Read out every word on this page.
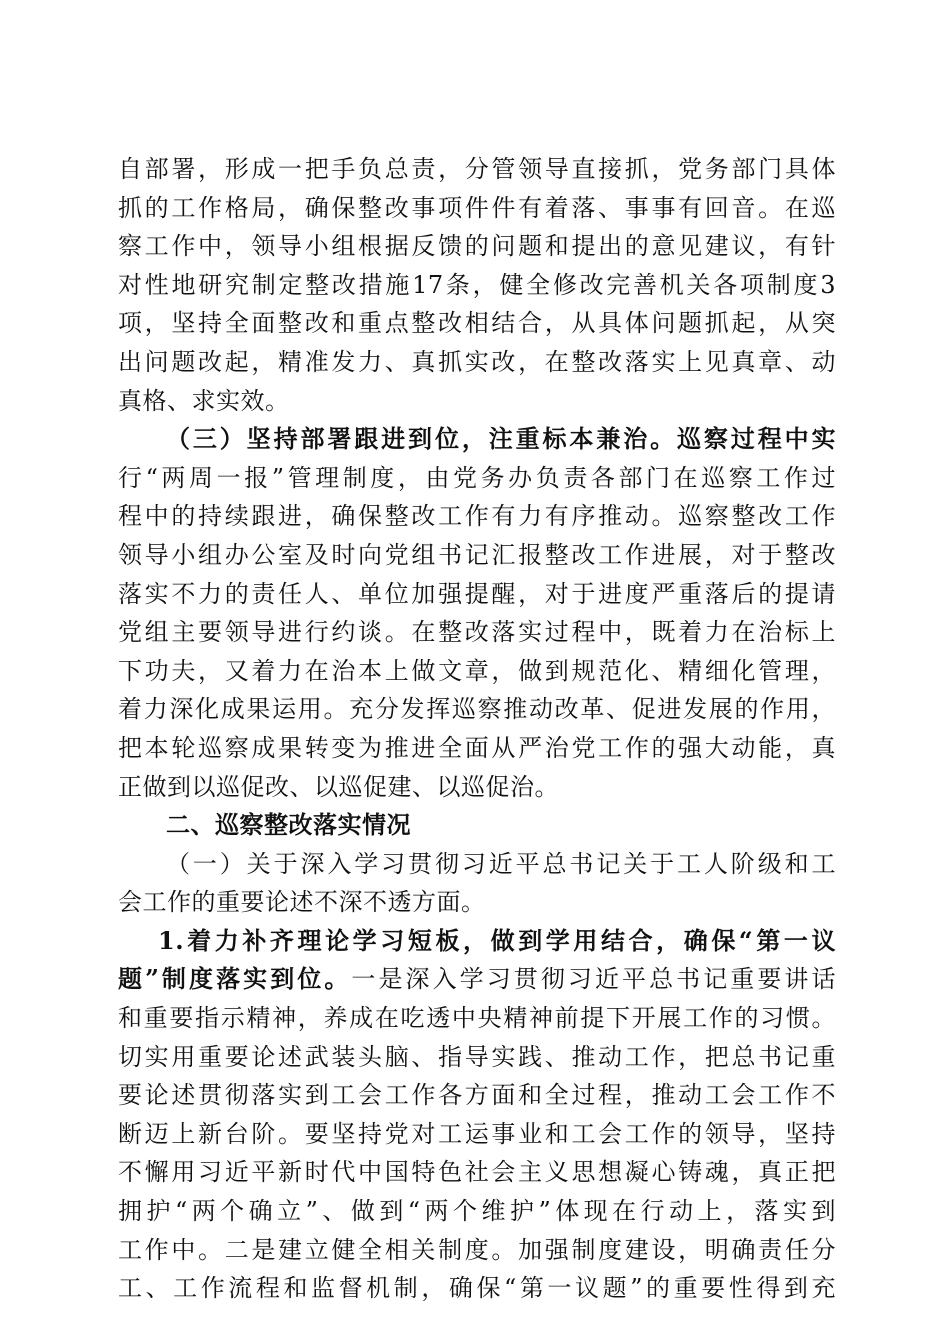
自部署，形成一把手负总责，分管领导直接抓，党务部门具体
抓的工作格局，确保整改事项件件有着落、事事有回音。在巡
察工作中，领导小组根据反馈的问题和提出的意见建议，有针
对性地研究制定整改措施17条，健全修改完善机关各项制度3
项，坚持全面整改和重点整改相结合，从具体问题抓起，从突
出问题改起，精准发力、真抓实改，在整改落实上见真章、动
真格、求实效。
（三）坚持部署跟进到位，注重标本兼治。巡察过程中实
行“两周一报”管理制度，由党务办负责各部门在巡察工作过
程中的持续跟进，确保整改工作有力有序推动。巡察整改工作
领导小组办公室及时向党组书记汇报整改工作进展，对于整改
落实不力的责任人、单位加强提醒，对于进度严重落后的提请
党组主要领导进行约谈。在整改落实过程中，既着力在治标上
下功夫，又着力在治本上做文章，做到规范化、精细化管理，
着力深化成果运用。充分发挥巡察推动改革、促进发展的作用，
把本轮巡察成果转变为推进全面从严治党工作的强大动能，真
正做到以巡促改、以巡促建、以巡促治。
二、巡察整改落实情况
（一）关于深入学习贯彻习近平总书记关于工人阶级和工
会工作的重要论述不深不透方面。
1.着力补齐理论学习短板，做到学用结合，确保“第一议
题”制度落实到位。一是深入学习贯彻习近平总书记重要讲话
和重要指示精神，养成在吃透中央精神前提下开展工作的习惯。
切实用重要论述武装头脑、指导实践、推动工作，把总书记重
要论述贯彻落实到工会工作各方面和全过程，推动工会工作不
断迈上新台阶。要坚持党对工运事业和工会工作的领导，坚持
不懈用习近平新时代中国特色社会主义思想凝心铸魂，真正把
拥护“两个确立”、做到“两个维护”体现在行动上，落实到
工作中。二是建立健全相关制度。加强制度建设，明确责任分
工、工作流程和监督机制，确保“第一议题”的重要性得到充
